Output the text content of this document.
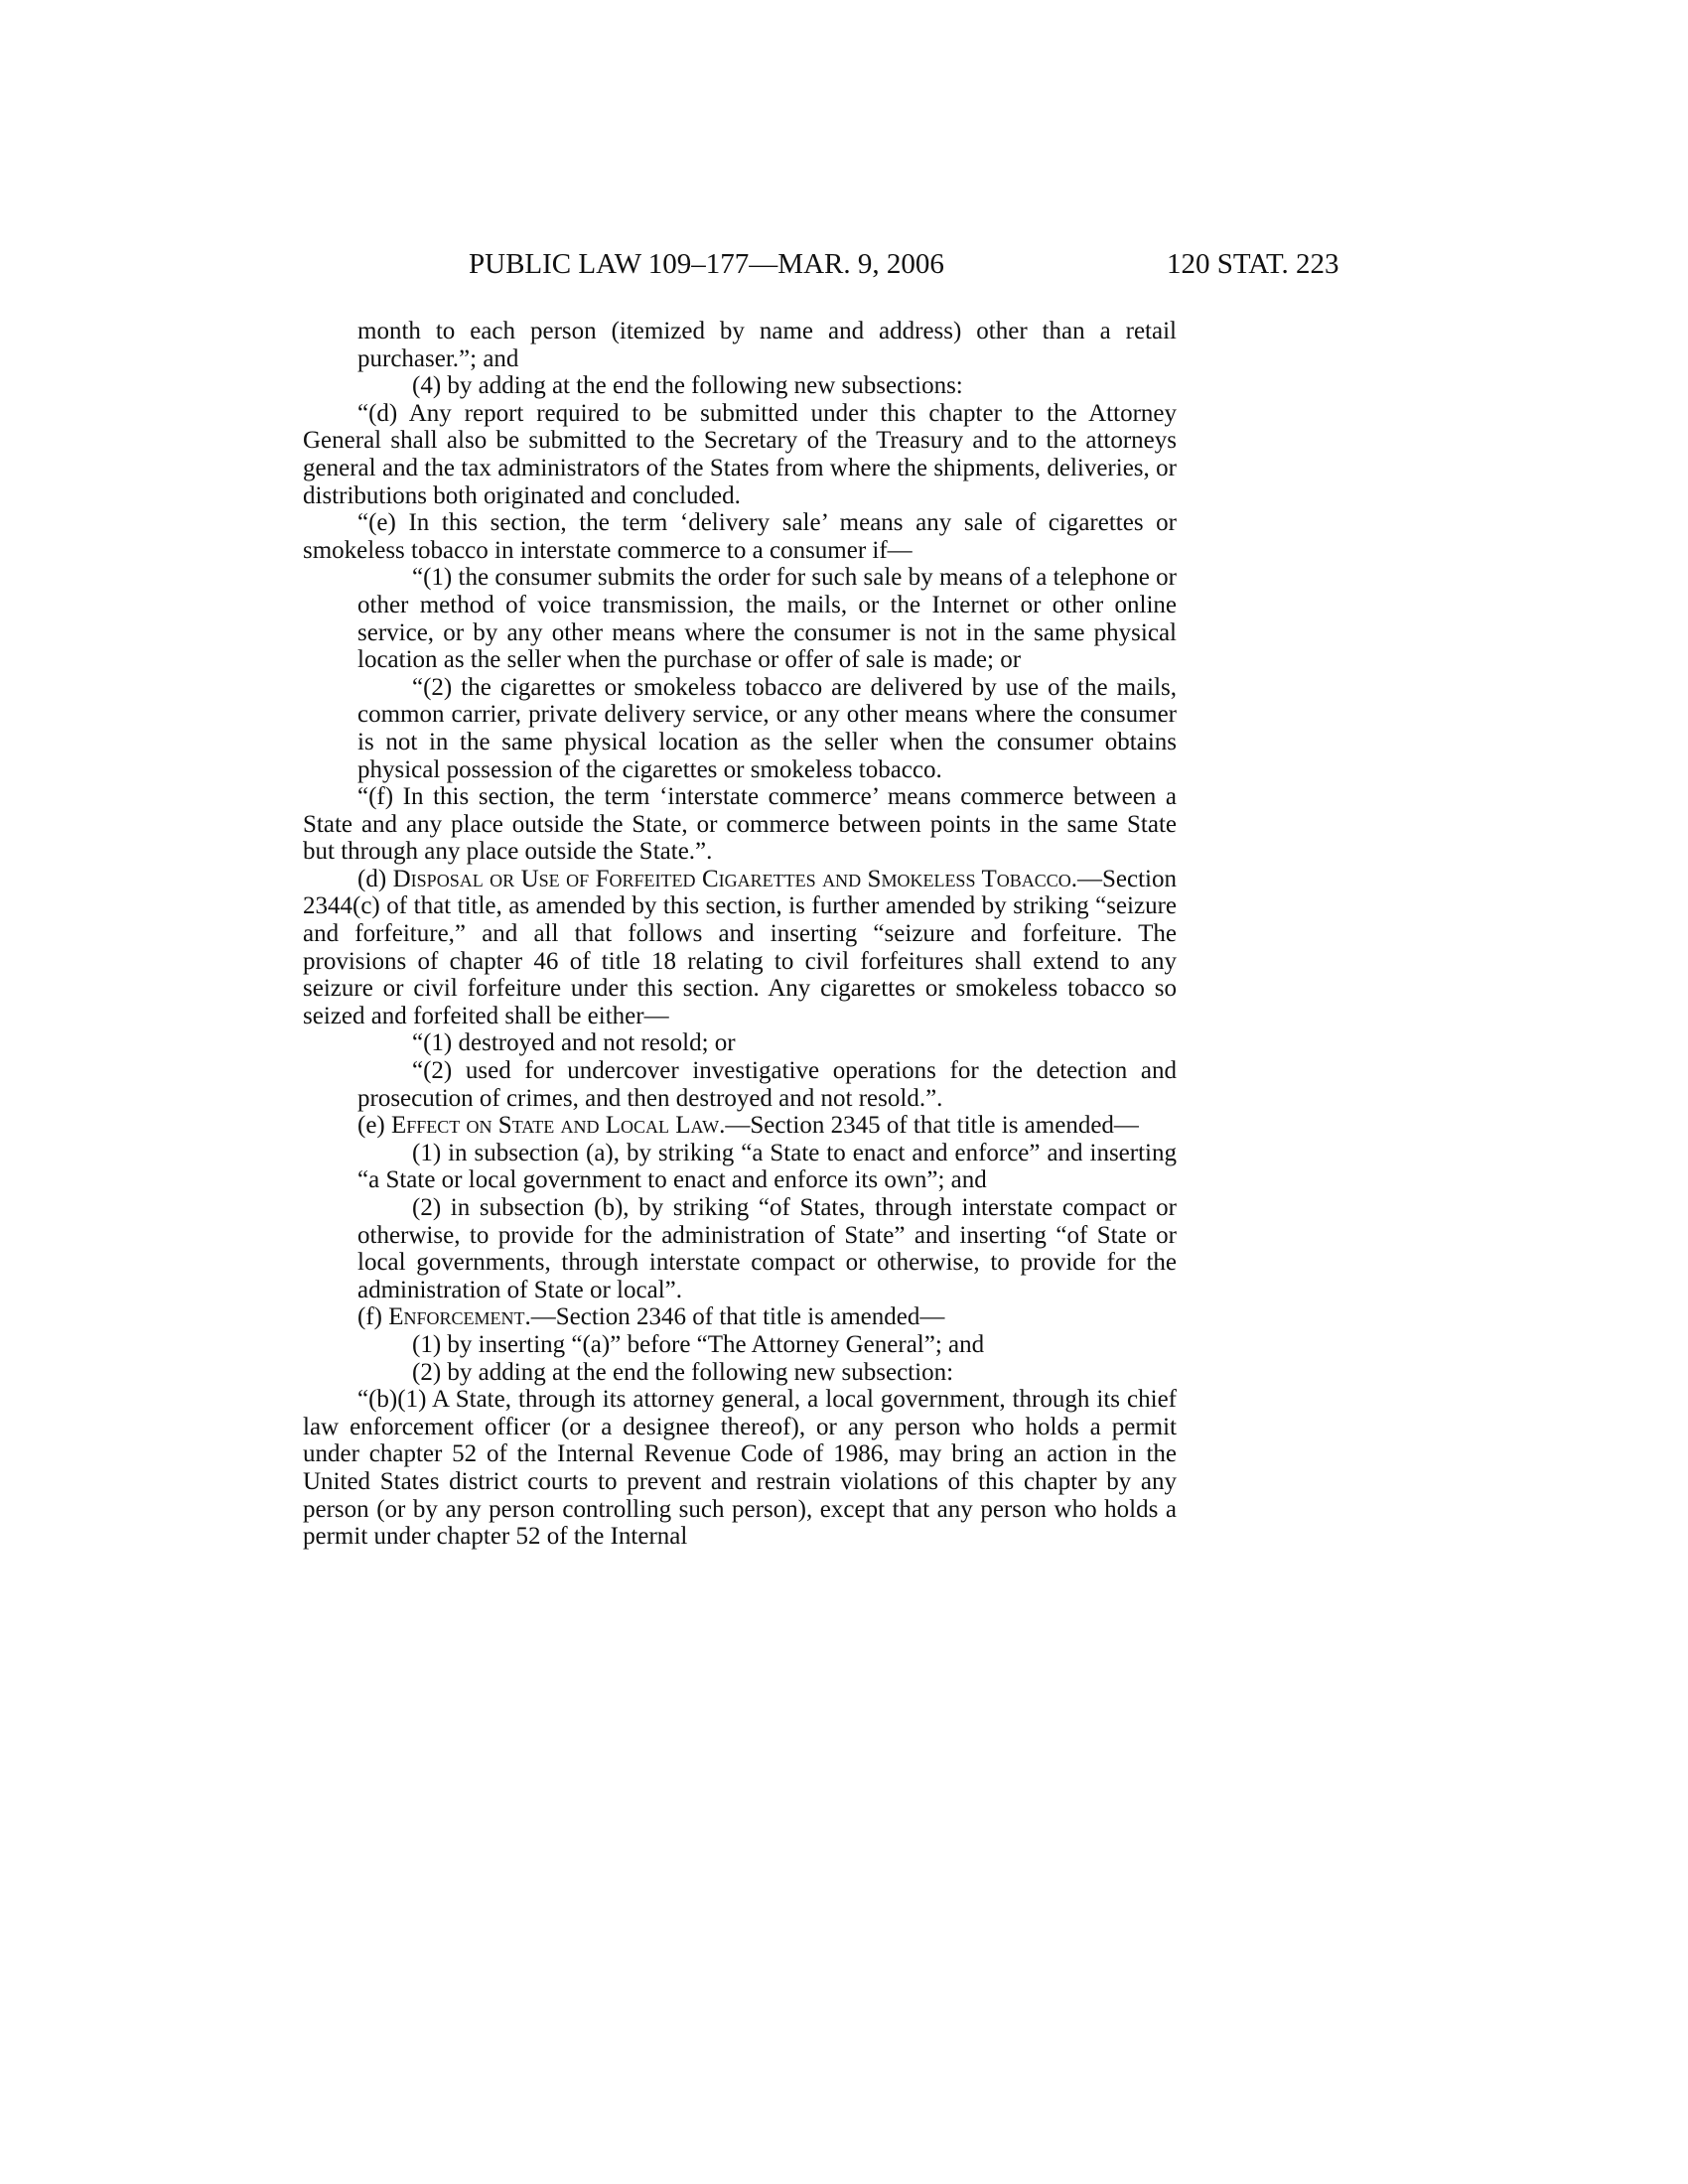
PUBLIC LAW 109–177—MAR. 9, 2006	120 STAT. 223

month to each person (itemized by name and address) other than a retail purchaser.”; and

(4) by adding at the end the following new subsections:

“(d) Any report required to be submitted under this chapter to the Attorney General shall also be submitted to the Secretary of the Treasury and to the attorneys general and the tax administrators of the States from where the shipments, deliveries, or distributions both originated and concluded.

“(e) In this section, the term ‘delivery sale’ means any sale of cigarettes or smokeless tobacco in interstate commerce to a consumer if—

“(1) the consumer submits the order for such sale by means of a telephone or other method of voice transmission, the mails, or the Internet or other online service, or by any other means where the consumer is not in the same physical location as the seller when the purchase or offer of sale is made; or

“(2) the cigarettes or smokeless tobacco are delivered by use of the mails, common carrier, private delivery service, or any other means where the consumer is not in the same physical location as the seller when the consumer obtains physical possession of the cigarettes or smokeless tobacco.

“(f) In this section, the term ‘interstate commerce’ means commerce between a State and any place outside the State, or commerce between points in the same State but through any place outside the State.”.

(d) Disposal or Use of Forfeited Cigarettes and Smokeless Tobacco.—Section 2344(c) of that title, as amended by this section, is further amended by striking “seizure and forfeiture,” and all that follows and inserting “seizure and forfeiture. The provisions of chapter 46 of title 18 relating to civil forfeitures shall extend to any seizure or civil forfeiture under this section. Any cigarettes or smokeless tobacco so seized and forfeited shall be either—

“(1) destroyed and not resold; or

“(2) used for undercover investigative operations for the detection and prosecution of crimes, and then destroyed and not resold.”.

(e) Effect on State and Local Law.—Section 2345 of that title is amended—

(1) in subsection (a), by striking “a State to enact and enforce” and inserting “a State or local government to enact and enforce its own”; and

(2) in subsection (b), by striking “of States, through interstate compact or otherwise, to provide for the administration of State” and inserting “of State or local governments, through interstate compact or otherwise, to provide for the administration of State or local”.

(f) Enforcement.—Section 2346 of that title is amended—

(1) by inserting “(a)” before “The Attorney General”; and

(2) by adding at the end the following new subsection:

“(b)(1) A State, through its attorney general, a local government, through its chief law enforcement officer (or a designee thereof), or any person who holds a permit under chapter 52 of the Internal Revenue Code of 1986, may bring an action in the United States district courts to prevent and restrain violations of this chapter by any person (or by any person controlling such person), except that any person who holds a permit under chapter 52 of the Internal
